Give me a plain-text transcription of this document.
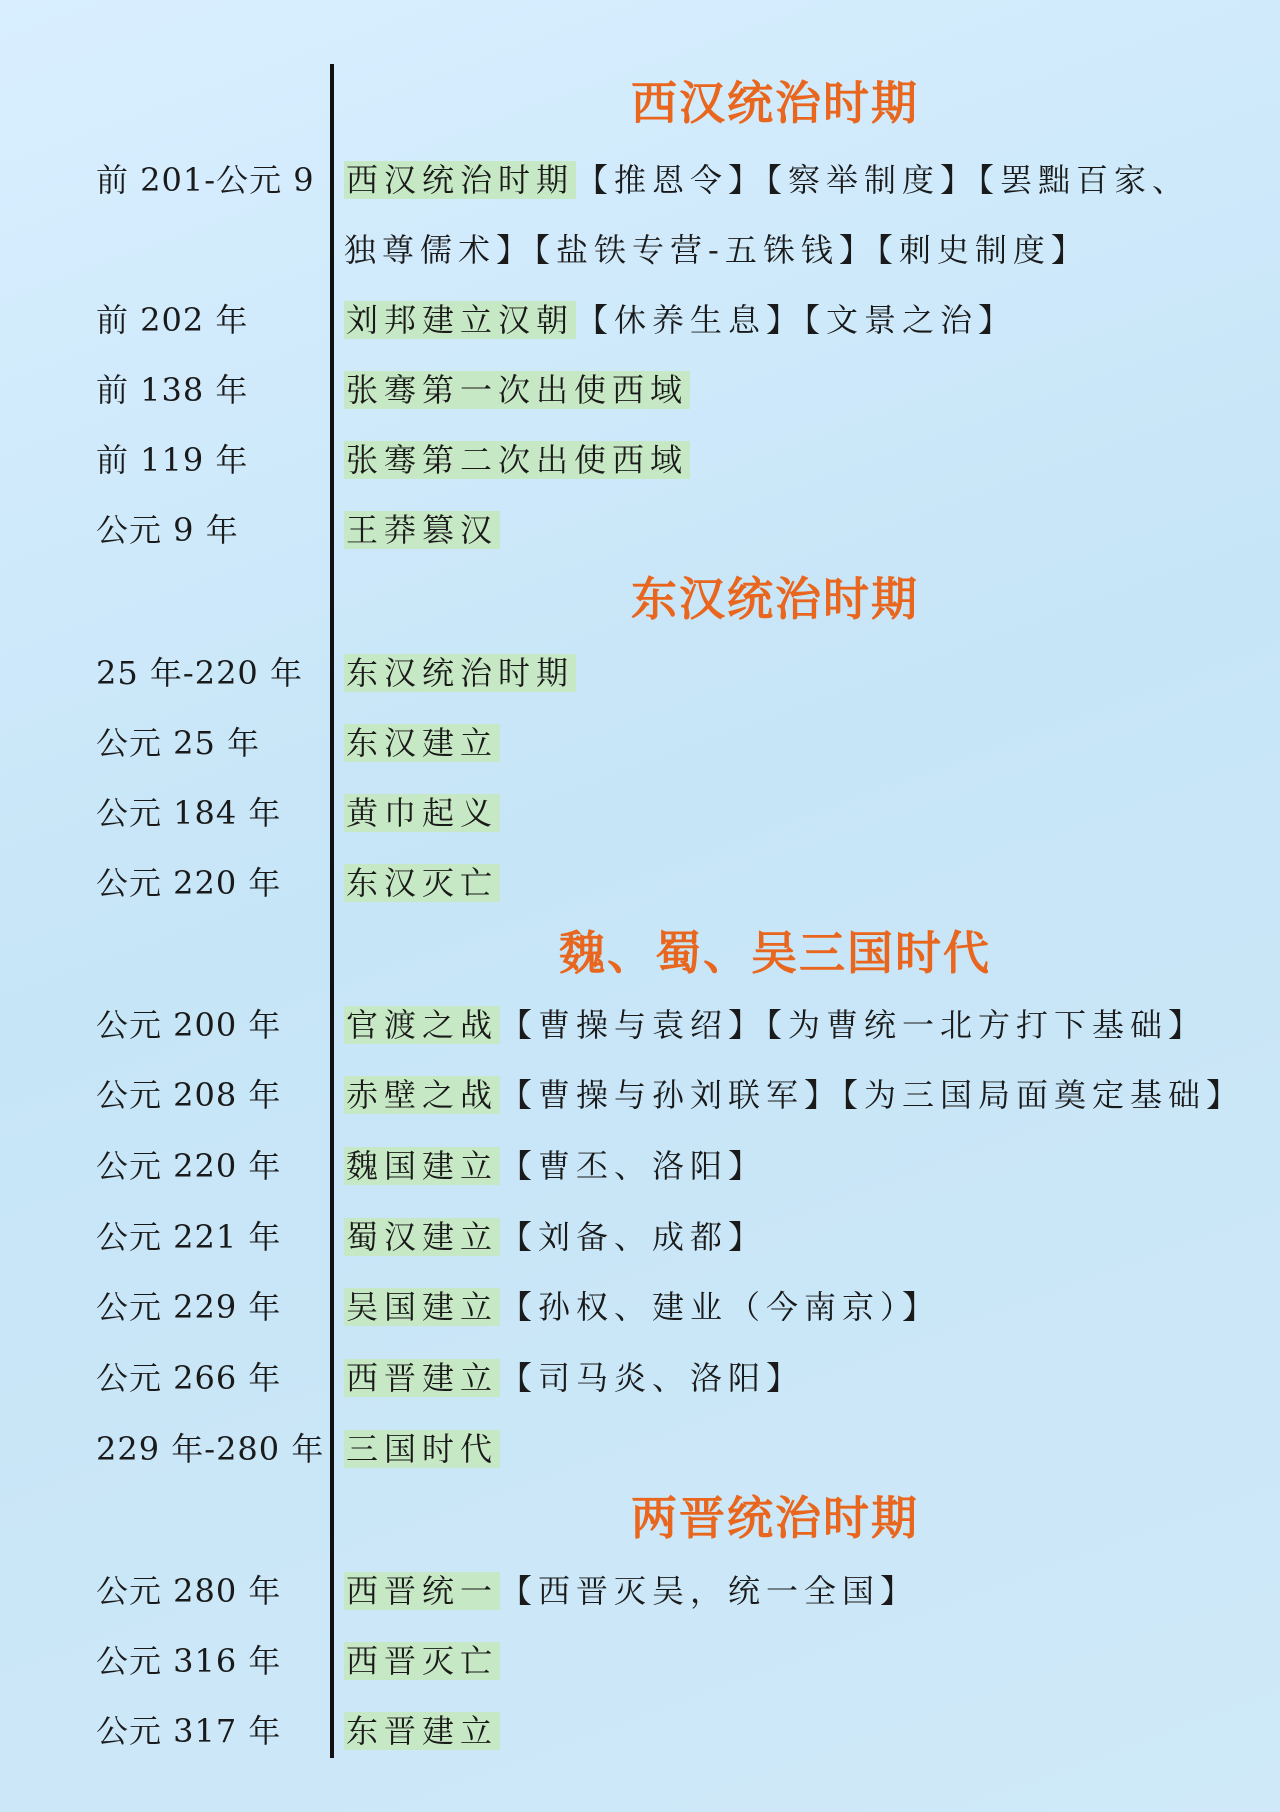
西汉统治时期
东汉统治时期
魏、蜀、吴三国时代
两晋统治时期
前 201-公元 9 西汉统治时期【推恩令】【察举制度】【罢黜百家、
独尊儒术】【盐铁专营-五铢钱】【刺史制度】
前 202 年	刘邦建立汉朝【休养生息】【文景之治】
前 138 年	张骞第一次出使西域
前 119 年	张骞第二次出使西域
公元 9 年	王莽篡汉
25 年-220 年 东汉统治时期
公元 25 年	东汉建立
公元 184 年 黄巾起义
公元 220 年 东汉灭亡
公元 200 年 官渡之战【曹操与袁绍】【为曹统一北方打下基础】
公元 208 年 赤壁之战【曹操与孙刘联军】【为三国局面奠定基础】
公元 220 年 魏国建立【曹丕、洛阳】
公元 221 年 蜀汉建立【刘备、成都】
公元 229 年 吴国建立【孙权、建业（今南京）】
公元 266 年 西晋建立【司马炎、洛阳】
229 年-280 年 三国时代
公元 280 年 西晋统一【西晋灭吴，统一全国】
公元 316 年 西晋灭亡
公元 317 年 东晋建立
